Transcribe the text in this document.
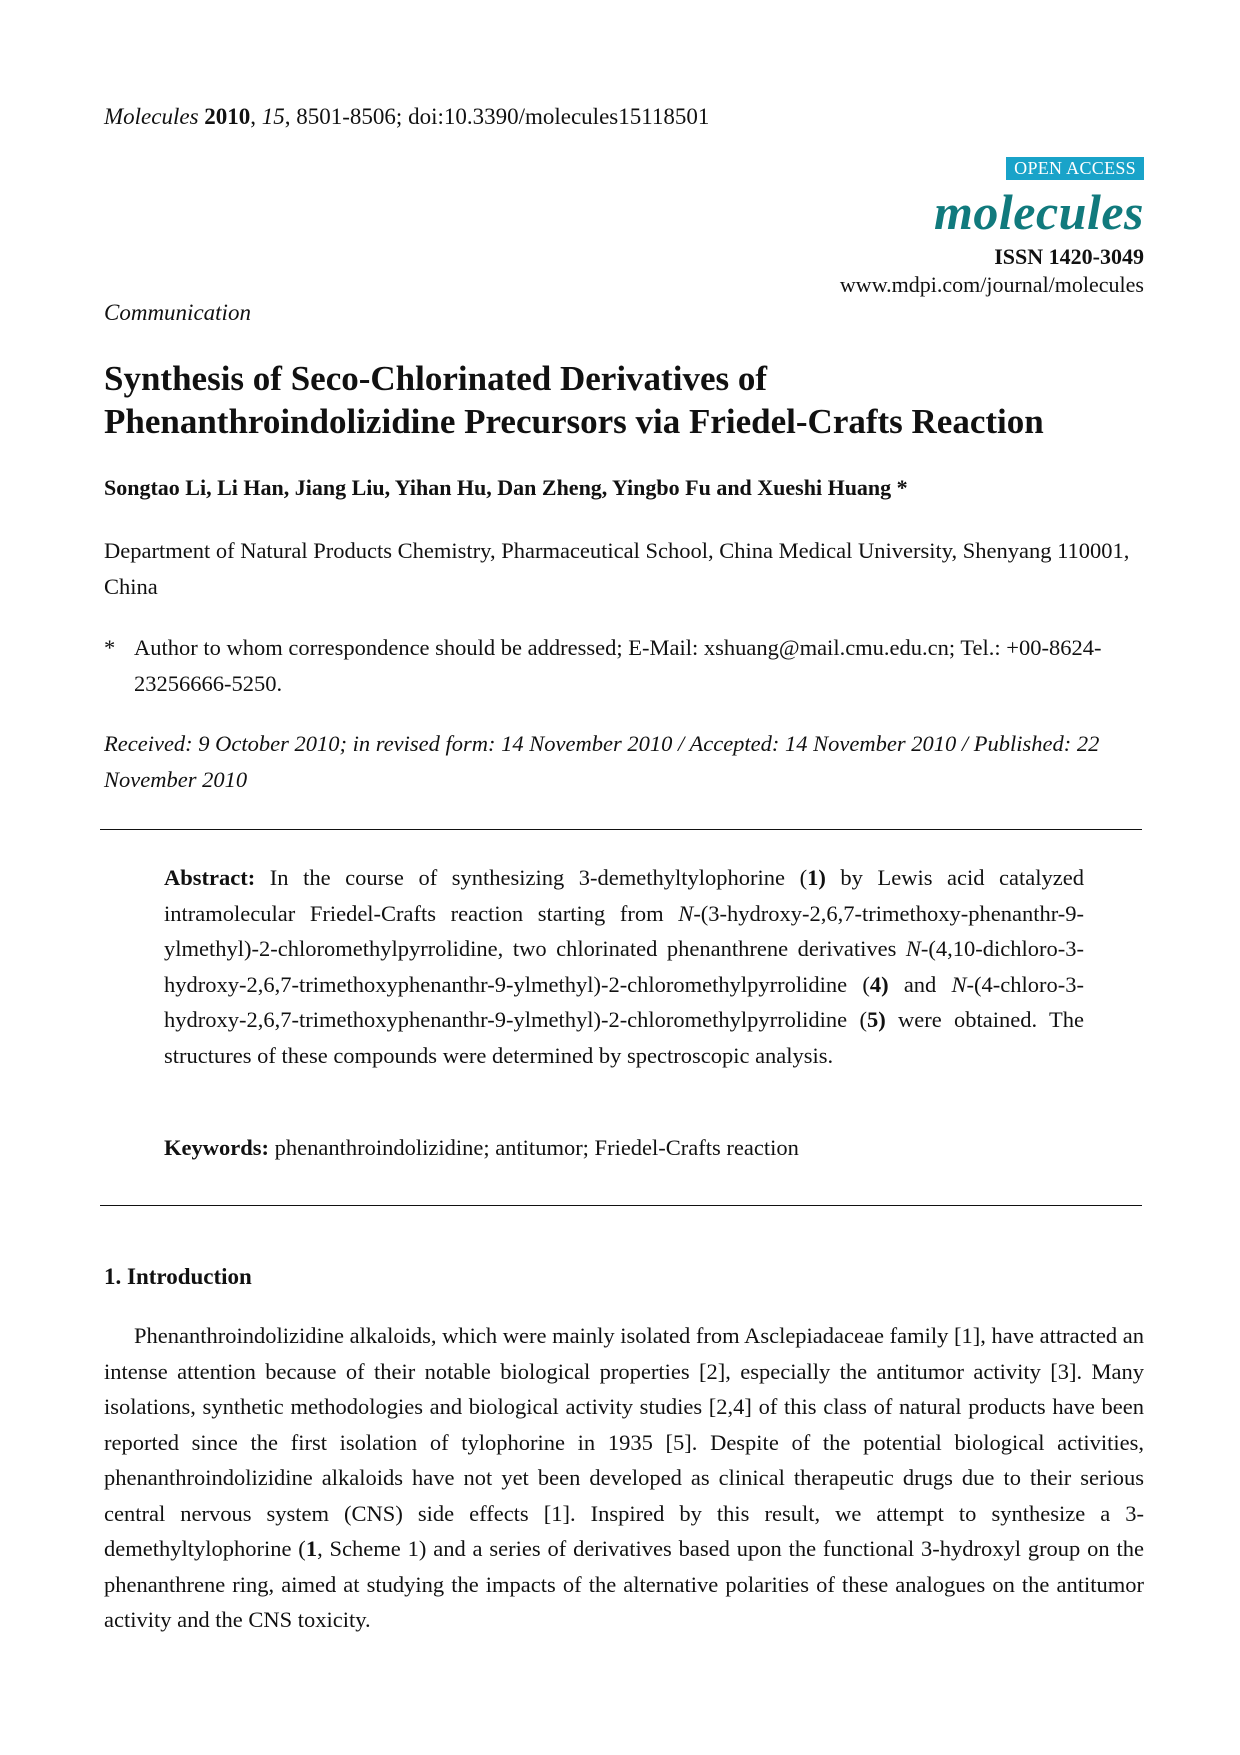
Molecules 2010, 15, 8501-8506; doi:10.3390/molecules15118501
OPEN ACCESS
molecules
ISSN 1420-3049
www.mdpi.com/journal/molecules
Communication
Synthesis of Seco-Chlorinated Derivatives of
Phenanthroindolizidine Precursors via Friedel-Crafts Reaction
Songtao Li, Li Han, Jiang Liu, Yihan Hu, Dan Zheng, Yingbo Fu and Xueshi Huang *
Department of Natural Products Chemistry, Pharmaceutical School, China Medical University, Shenyang 110001, China
* Author to whom correspondence should be addressed; E-Mail: xshuang@mail.cmu.edu.cn; Tel.: +00-8624-23256666-5250.
Received: 9 October 2010; in revised form: 14 November 2010 / Accepted: 14 November 2010 / Published: 22 November 2010
Abstract: In the course of synthesizing 3-demethyltylophorine (1) by Lewis acid catalyzed intramolecular Friedel-Crafts reaction starting from N-(3-hydroxy-2,6,7-trimethoxy-phenanthr-9-ylmethyl)-2-chloromethylpyrrolidine, two chlorinated phenanthrene derivatives N-(4,10-dichloro-3-hydroxy-2,6,7-trimethoxyphenanthr-9-ylmethyl)-2-chloromethylpyrrolidine (4) and N-(4-chloro-3-hydroxy-2,6,7-trimethoxyphenanthr-9-ylmethyl)-2-chloromethylpyrrolidine (5) were obtained. The structures of these compounds were determined by spectroscopic analysis.
Keywords: phenanthroindolizidine; antitumor; Friedel-Crafts reaction
1. Introduction
Phenanthroindolizidine alkaloids, which were mainly isolated from Asclepiadaceae family [1], have attracted an intense attention because of their notable biological properties [2], especially the antitumor activity [3]. Many isolations, synthetic methodologies and biological activity studies [2,4] of this class of natural products have been reported since the first isolation of tylophorine in 1935 [5]. Despite of the potential biological activities, phenanthroindolizidine alkaloids have not yet been developed as clinical therapeutic drugs due to their serious central nervous system (CNS) side effects [1]. Inspired by this result, we attempt to synthesize a 3-demethyltylophorine (1, Scheme 1) and a series of derivatives based upon the functional 3-hydroxyl group on the phenanthrene ring, aimed at studying the impacts of the alternative polarities of these analogues on the antitumor activity and the CNS toxicity.
